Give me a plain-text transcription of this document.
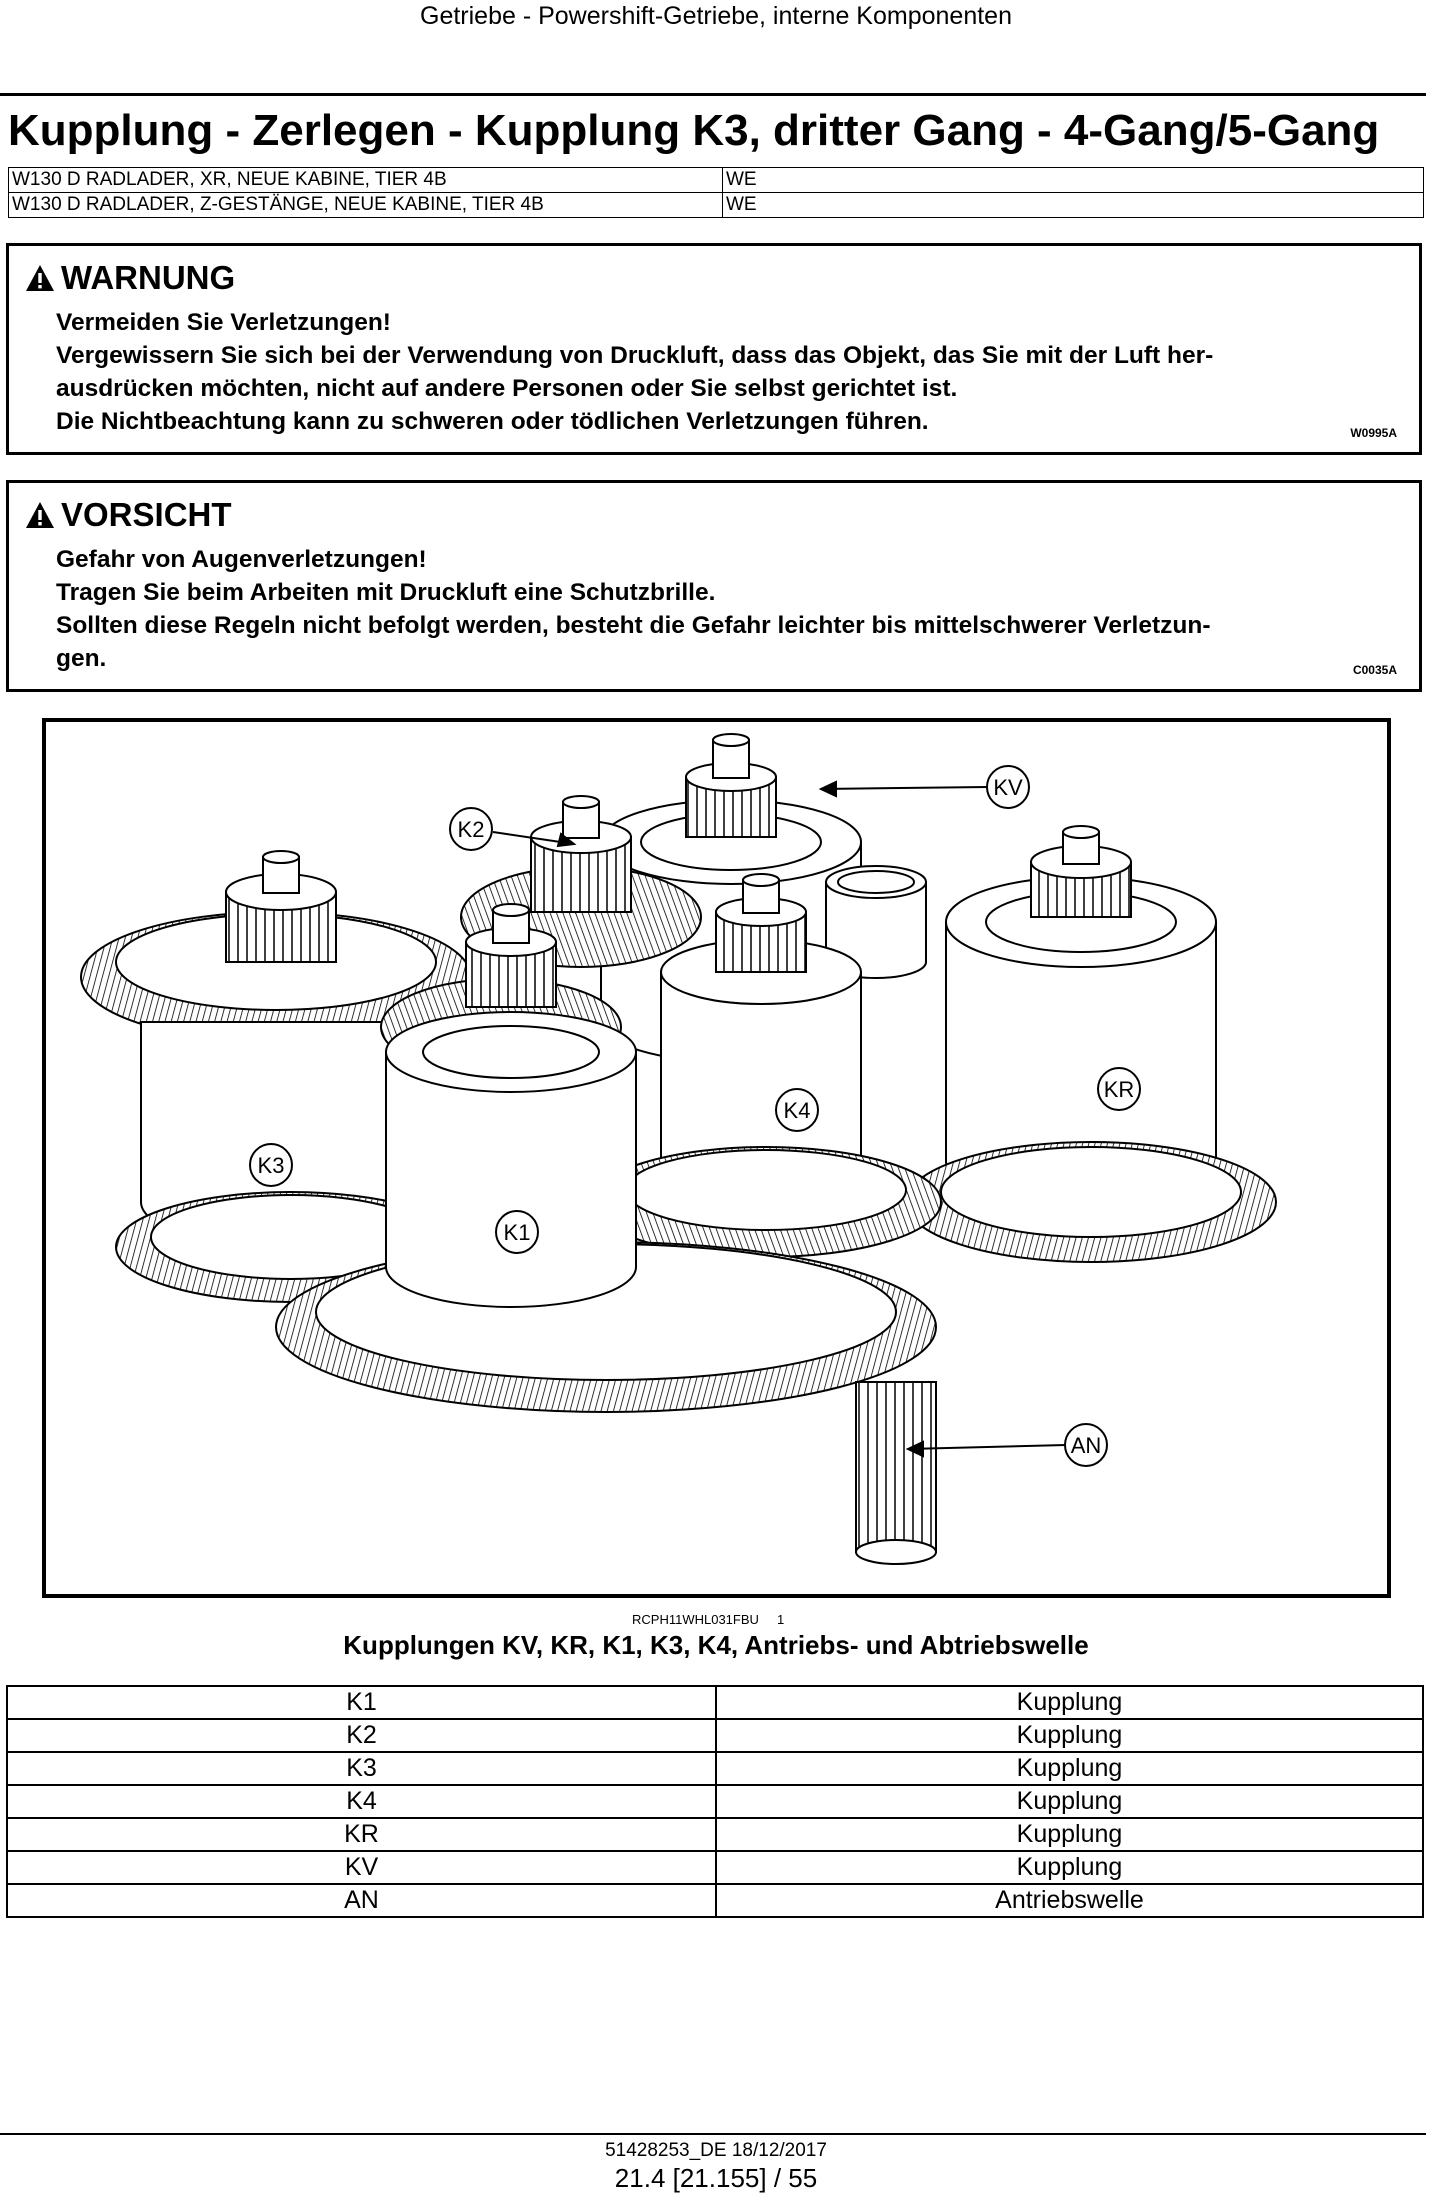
Getriebe - Powershift-Getriebe, interne Komponenten
Kupplung - Zerlegen - Kupplung K3, dritter Gang - 4-Gang/5-Gang
W130 D RADLADER, XR, NEUE KABINE, TIER 4B	WE
W130 D RADLADER, Z-GESTÄNGE, NEUE KABINE, TIER 4B	WE
WARNUNG
Vermeiden Sie Verletzungen!
Vergewissern Sie sich bei der Verwendung von Druckluft, dass das Objekt, das Sie mit der Luft her-
ausdrücken möchten, nicht auf andere Personen oder Sie selbst gerichtet ist.
Die Nichtbeachtung kann zu schweren oder tödlichen Verletzungen führen.	W0995A
VORSICHT
Gefahr von Augenverletzungen!
Tragen Sie beim Arbeiten mit Druckluft eine Schutzbrille.
Sollten diese Regeln nicht befolgt werden, besteht die Gefahr leichter bis mittelschwerer Verletzun-
gen.	C0035A
KV
K2
KR
K4
K3
K1
AN
RCPH11WHL031FBU     1
Kupplungen KV, KR, K1, K3, K4, Antriebs- und Abtriebswelle
K1	Kupplung
K2	Kupplung
K3	Kupplung
K4	Kupplung
KR	Kupplung
KV	Kupplung
AN	Antriebswelle
51428253_DE 18/12/2017
21.4 [21.155] / 55
